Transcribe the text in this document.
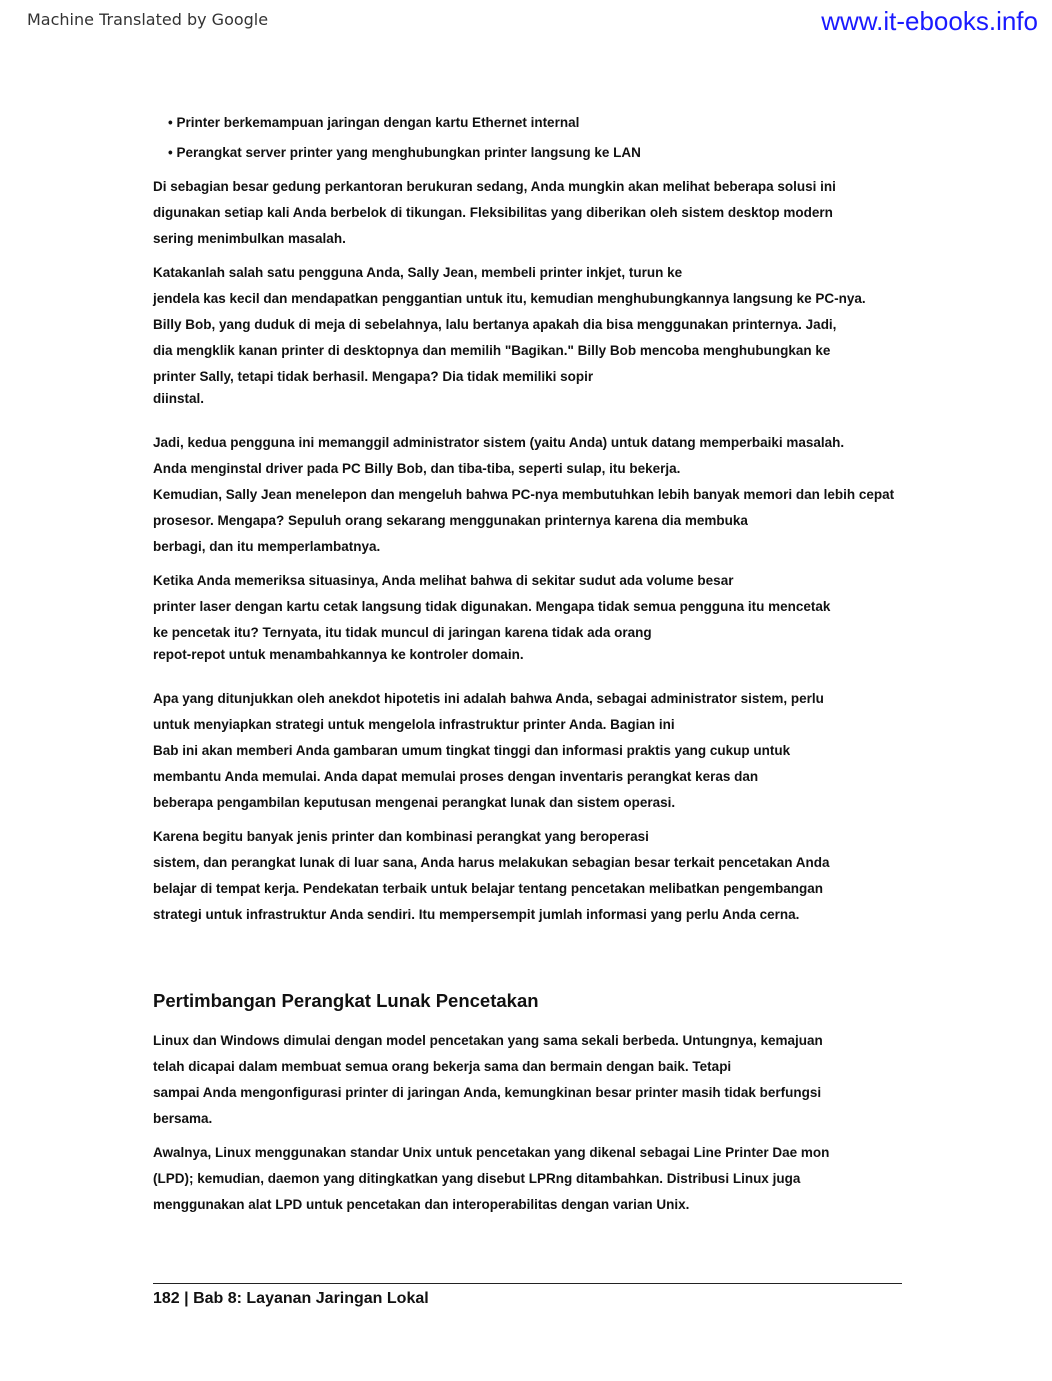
Machine Translated by Google	www.it-ebooks.info
• Printer berkemampuan jaringan dengan kartu Ethernet internal
• Perangkat server printer yang menghubungkan printer langsung ke LAN
Di sebagian besar gedung perkantoran berukuran sedang, Anda mungkin akan melihat beberapa solusi ini
digunakan setiap kali Anda berbelok di tikungan. Fleksibilitas yang diberikan oleh sistem desktop modern
sering menimbulkan masalah.
Katakanlah salah satu pengguna Anda, Sally Jean, membeli printer inkjet, turun ke
jendela kas kecil dan mendapatkan penggantian untuk itu, kemudian menghubungkannya langsung ke PC-nya.
Billy Bob, yang duduk di meja di sebelahnya, lalu bertanya apakah dia bisa menggunakan printernya. Jadi,
dia mengklik kanan printer di desktopnya dan memilih "Bagikan." Billy Bob mencoba menghubungkan ke
printer Sally, tetapi tidak berhasil. Mengapa? Dia tidak memiliki sopir
diinstal.
Jadi, kedua pengguna ini memanggil administrator sistem (yaitu Anda) untuk datang memperbaiki masalah.
Anda menginstal driver pada PC Billy Bob, dan tiba-tiba, seperti sulap, itu bekerja.
Kemudian, Sally Jean menelepon dan mengeluh bahwa PC-nya membutuhkan lebih banyak memori dan lebih cepat
prosesor. Mengapa? Sepuluh orang sekarang menggunakan printernya karena dia membuka
berbagi, dan itu memperlambatnya.
Ketika Anda memeriksa situasinya, Anda melihat bahwa di sekitar sudut ada volume besar
printer laser dengan kartu cetak langsung tidak digunakan. Mengapa tidak semua pengguna itu mencetak
ke pencetak itu? Ternyata, itu tidak muncul di jaringan karena tidak ada orang
repot-repot untuk menambahkannya ke kontroler domain.
Apa yang ditunjukkan oleh anekdot hipotetis ini adalah bahwa Anda, sebagai administrator sistem, perlu
untuk menyiapkan strategi untuk mengelola infrastruktur printer Anda. Bagian ini
Bab ini akan memberi Anda gambaran umum tingkat tinggi dan informasi praktis yang cukup untuk
membantu Anda memulai. Anda dapat memulai proses dengan inventaris perangkat keras dan
beberapa pengambilan keputusan mengenai perangkat lunak dan sistem operasi.
Karena begitu banyak jenis printer dan kombinasi perangkat yang beroperasi
sistem, dan perangkat lunak di luar sana, Anda harus melakukan sebagian besar terkait pencetakan Anda
belajar di tempat kerja. Pendekatan terbaik untuk belajar tentang pencetakan melibatkan pengembangan
strategi untuk infrastruktur Anda sendiri. Itu mempersempit jumlah informasi yang perlu Anda cerna.
Pertimbangan Perangkat Lunak Pencetakan
Linux dan Windows dimulai dengan model pencetakan yang sama sekali berbeda. Untungnya, kemajuan
telah dicapai dalam membuat semua orang bekerja sama dan bermain dengan baik. Tetapi
sampai Anda mengonfigurasi printer di jaringan Anda, kemungkinan besar printer masih tidak berfungsi
bersama.
Awalnya, Linux menggunakan standar Unix untuk pencetakan yang dikenal sebagai Line Printer Dae mon
(LPD); kemudian, daemon yang ditingkatkan yang disebut LPRng ditambahkan. Distribusi Linux juga
menggunakan alat LPD untuk pencetakan dan interoperabilitas dengan varian Unix.
182 | Bab 8: Layanan Jaringan Lokal
